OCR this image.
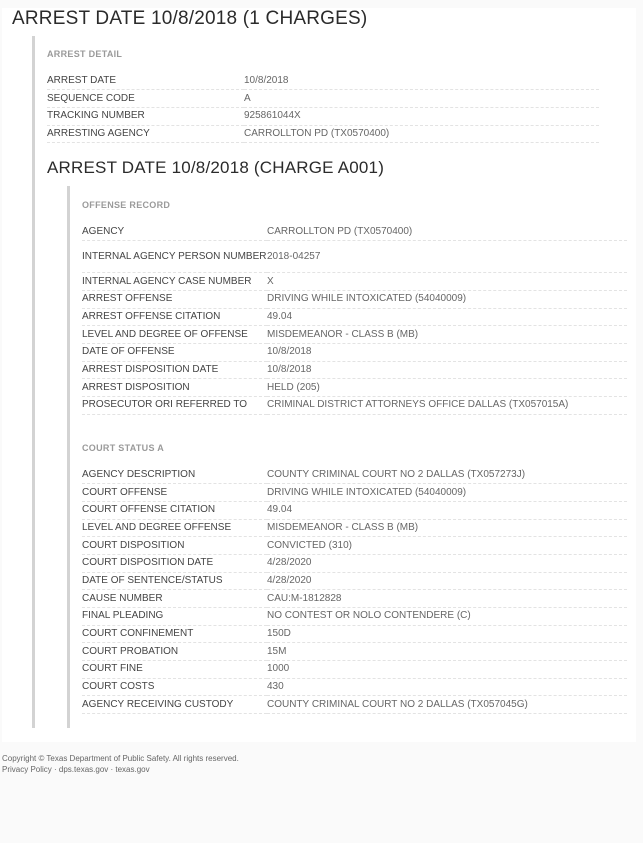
ARREST DATE 10/8/2018 (1 CHARGES)
ARREST DETAIL
ARREST DATE	10/8/2018
SEQUENCE CODE	A
TRACKING NUMBER	925861044X
ARRESTING AGENCY	CARROLLTON PD (TX0570400)
ARREST DATE 10/8/2018 (CHARGE A001)
OFFENSE RECORD
AGENCY	CARROLLTON PD (TX0570400)
INTERNAL AGENCY PERSON NUMBER	2018-04257
INTERNAL AGENCY CASE NUMBER	X
ARREST OFFENSE	DRIVING WHILE INTOXICATED (54040009)
ARREST OFFENSE CITATION	49.04
LEVEL AND DEGREE OF OFFENSE	MISDEMEANOR - CLASS B (MB)
DATE OF OFFENSE	10/8/2018
ARREST DISPOSITION DATE	10/8/2018
ARREST DISPOSITION	HELD (205)
PROSECUTOR ORI REFERRED TO	CRIMINAL DISTRICT ATTORNEYS OFFICE DALLAS (TX057015A)
COURT STATUS A
AGENCY DESCRIPTION	COUNTY CRIMINAL COURT NO 2 DALLAS (TX057273J)
COURT OFFENSE	DRIVING WHILE INTOXICATED (54040009)
COURT OFFENSE CITATION	49.04
LEVEL AND DEGREE OFFENSE	MISDEMEANOR - CLASS B (MB)
COURT DISPOSITION	CONVICTED (310)
COURT DISPOSITION DATE	4/28/2020
DATE OF SENTENCE/STATUS	4/28/2020
CAUSE NUMBER	CAU:M-1812828
FINAL PLEADING	NO CONTEST OR NOLO CONTENDERE (C)
COURT CONFINEMENT	150D
COURT PROBATION	15M
COURT FINE	1000
COURT COSTS	430
AGENCY RECEIVING CUSTODY	COUNTY CRIMINAL COURT NO 2 DALLAS (TX057045G)
Copyright © Texas Department of Public Safety. All rights reserved.
Privacy Policy · dps.texas.gov · texas.gov
